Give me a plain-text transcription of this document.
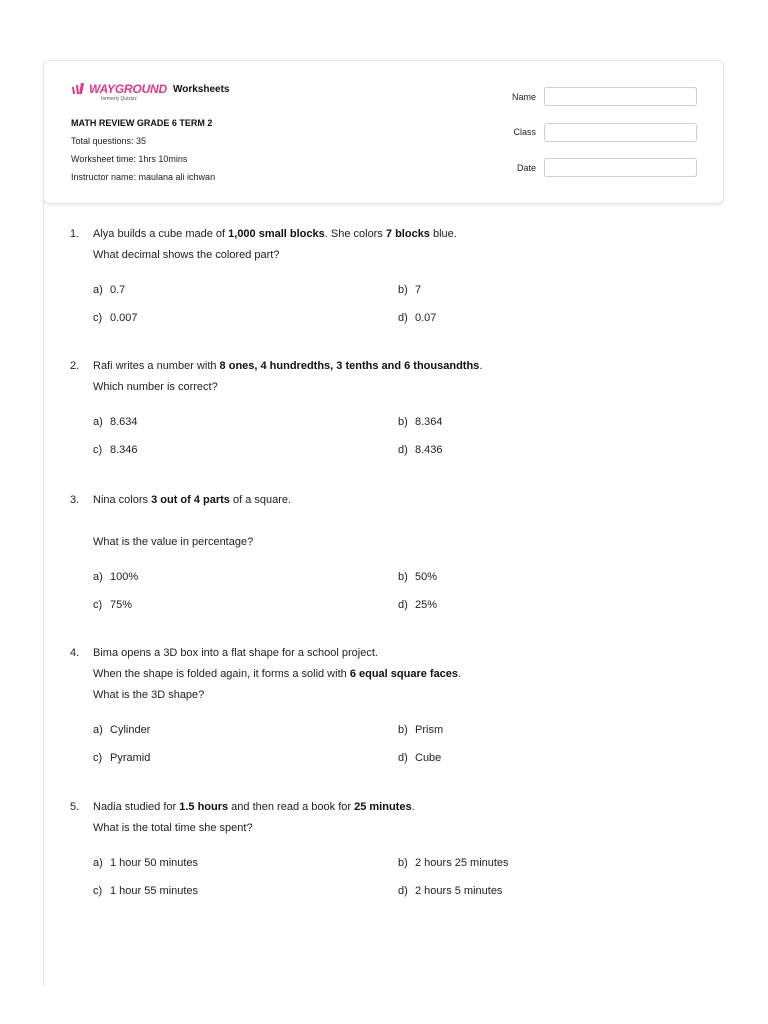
WAYGROUND
formerly Quizizz
Worksheets
MATH REVIEW GRADE 6 TERM 2
Total questions: 35
Worksheet time: 1hrs 10mins
Instructor name: maulana ali ichwan
Name
Class
Date
1. Alya builds a cube made of 1,000 small blocks. She colors 7 blocks blue.
What decimal shows the colored part?
a) 0.7	b) 7
c) 0.007	d) 0.07
2. Rafi writes a number with 8 ones, 4 hundredths, 3 tenths and 6 thousandths.
Which number is correct?
a) 8.634	b) 8.364
c) 8.346	d) 8.436
3. Nina colors 3 out of 4 parts of a square.
What is the value in percentage?
a) 100%	b) 50%
c) 75%	d) 25%
4. Bima opens a 3D box into a flat shape for a school project.
When the shape is folded again, it forms a solid with 6 equal square faces.
What is the 3D shape?
a) Cylinder	b) Prism
c) Pyramid	d) Cube
5. Nadia studied for 1.5 hours and then read a book for 25 minutes.
What is the total time she spent?
a) 1 hour 50 minutes	b) 2 hours 25 minutes
c) 1 hour 55 minutes	d) 2 hours 5 minutes
